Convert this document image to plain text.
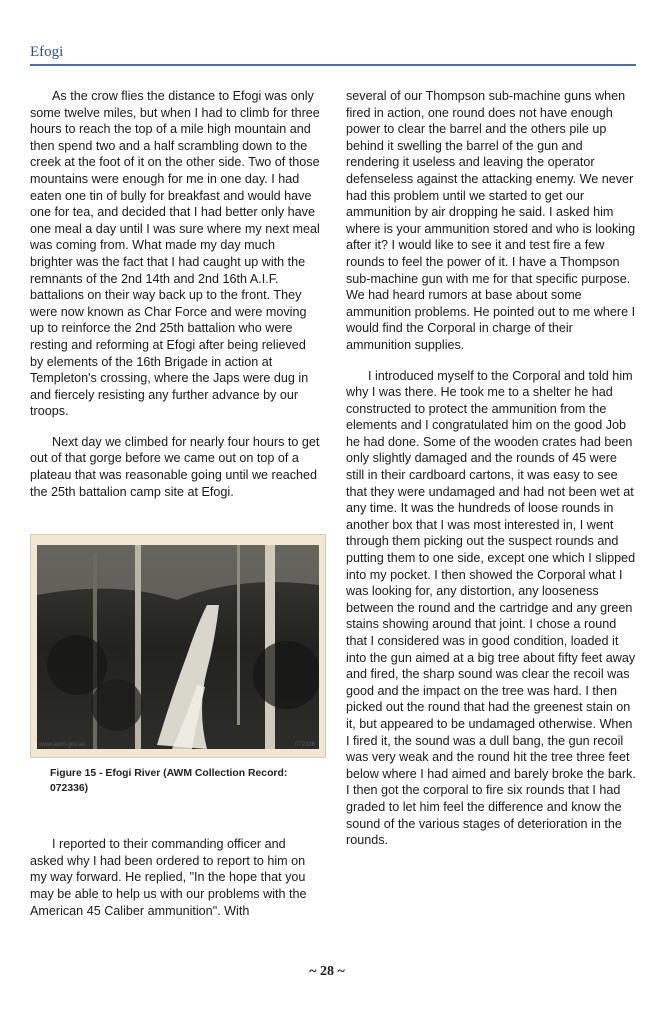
Efogi

As the crow flies the distance to Efogi was only some twelve miles, but when I had to climb for three hours to reach the top of a mile high mountain and then spend two and a half scrambling down to the creek at the foot of it on the other side. Two of those mountains were enough for me in one day. I had eaten one tin of bully for breakfast and would have one for tea, and decided that I had better only have one meal a day until I was sure where my next meal was coming from. What made my day much brighter was the fact that I had caught up with the remnants of the 2nd 14th and 2nd 16th A.I.F. battalions on their way back up to the front. They were now known as Char Force and were moving up to reinforce the 2nd 25th battalion who were resting and reforming at Efogi after being relieved by elements of the 16th Brigade in action at Templeton's crossing, where the Japs were dug in and fiercely resisting any further advance by our troops.

Next day we climbed for nearly four hours to get out of that gorge before we came out on top of a plateau that was reasonable going until we reached the 25th battalion camp site at Efogi.

www.awm.gov.au	072336
Figure 15 - Efogi River (AWM Collection Record: 072336)

I reported to their commanding officer and asked why I had been ordered to report to him on my way forward. He replied, "In the hope that you may be able to help us with our problems with the American 45 Caliber ammunition". With

several of our Thompson sub-machine guns when fired in action, one round does not have enough power to clear the barrel and the others pile up behind it swelling the barrel of the gun and rendering it useless and leaving the operator defenseless against the attacking enemy. We never had this problem until we started to get our ammunition by air dropping he said. I asked him where is your ammunition stored and who is looking after it? I would like to see it and test fire a few rounds to feel the power of it. I have a Thompson sub-machine gun with me for that specific purpose. We had heard rumors at base about some ammunition problems. He pointed out to me where I would find the Corporal in charge of their ammunition supplies.

I introduced myself to the Corporal and told him why I was there. He took me to a shelter he had constructed to protect the ammunition from the elements and I congratulated him on the good Job he had done. Some of the wooden crates had been only slightly damaged and the rounds of 45 were still in their cardboard cartons, it was easy to see that they were undamaged and had not been wet at any time. It was the hundreds of loose rounds in another box that I was most interested in, I went through them picking out the suspect rounds and putting them to one side, except one which I slipped into my pocket. I then showed the Corporal what I was looking for, any distortion, any looseness between the round and the cartridge and any green stains showing around that joint. I chose a round that I considered was in good condition, loaded it into the gun aimed at a big tree about fifty feet away and fired, the sharp sound was clear the recoil was good and the impact on the tree was hard. I then picked out the round that had the greenest stain on it, but appeared to be undamaged otherwise. When I fired it, the sound was a dull bang, the gun recoil was very weak and the round hit the tree three feet below where I had aimed and barely broke the bark. I then got the corporal to fire six rounds that I had graded to let him feel the difference and know the sound of the various stages of deterioration in the rounds.

~ 28 ~
